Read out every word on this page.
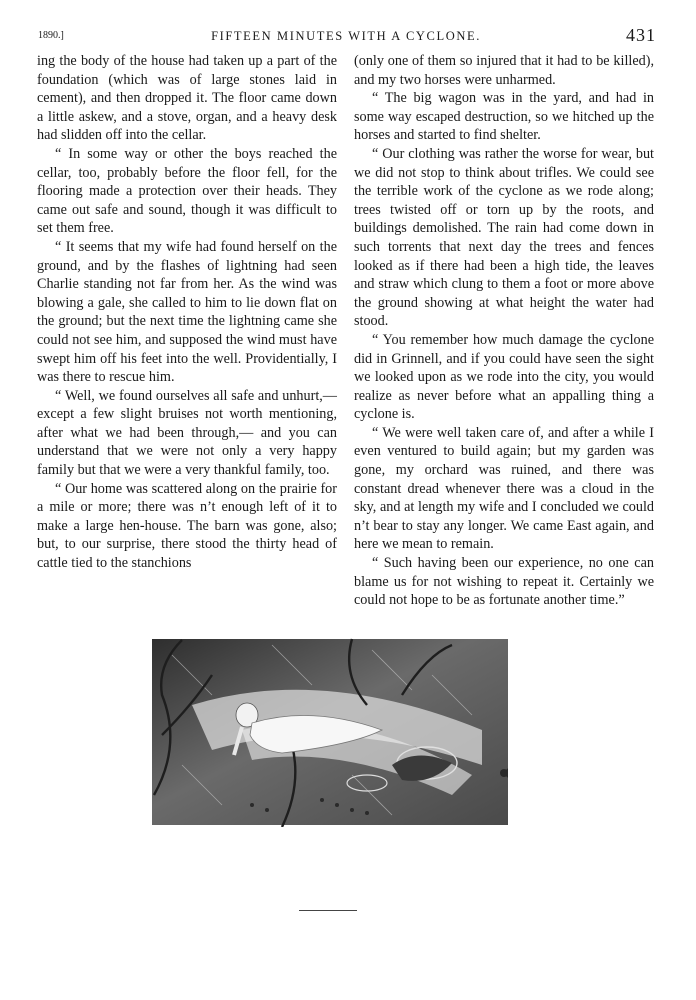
1890.]	FIFTEEN MINUTES WITH A CYCLONE.	431

ing the body of the house had taken up a part of the foundation (which was of large stones laid in cement), and then dropped it. The floor came down a little askew, and a stove, organ, and a heavy desk had slidden off into the cellar.

“ In some way or other the boys reached the cellar, too, probably before the floor fell, for the flooring made a protection over their heads. They came out safe and sound, though it was difficult to set them free.

“ It seems that my wife had found herself on the ground, and by the flashes of lightning had seen Charlie standing not far from her. As the wind was blowing a gale, she called to him to lie down flat on the ground; but the next time the lightning came she could not see him, and supposed the wind must have swept him off his feet into the well. Providentially, I was there to rescue him.

“ Well, we found ourselves all safe and unhurt,— except a few slight bruises not worth mentioning, after what we had been through,— and you can understand that we were not only a very happy family but that we were a very thankful family, too.

“ Our home was scattered along on the prairie for a mile or more; there was n’t enough left of it to make a large hen-house. The barn was gone, also; but, to our surprise, there stood the thirty head of cattle tied to the stanchions

(only one of them so injured that it had to be killed), and my two horses were unharmed.

“ The big wagon was in the yard, and had in some way escaped destruction, so we hitched up the horses and started to find shelter.

“ Our clothing was rather the worse for wear, but we did not stop to think about trifles. We could see the terrible work of the cyclone as we rode along; trees twisted off or torn up by the roots, and buildings demolished. The rain had come down in such torrents that next day the trees and fences looked as if there had been a high tide, the leaves and straw which clung to them a foot or more above the ground showing at what height the water had stood.

“ You remember how much damage the cyclone did in Grinnell, and if you could have seen the sight we looked upon as we rode into the city, you would realize as never before what an appalling thing a cyclone is.

“ We were well taken care of, and after a while I even ventured to build again; but my garden was gone, my orchard was ruined, and there was constant dread whenever there was a cloud in the sky, and at length my wife and I concluded we could n’t bear to stay any longer. We came East again, and here we mean to remain.

“ Such having been our experience, no one can blame us for not wishing to repeat it. Certainly we could not hope to be as fortunate another time.”
